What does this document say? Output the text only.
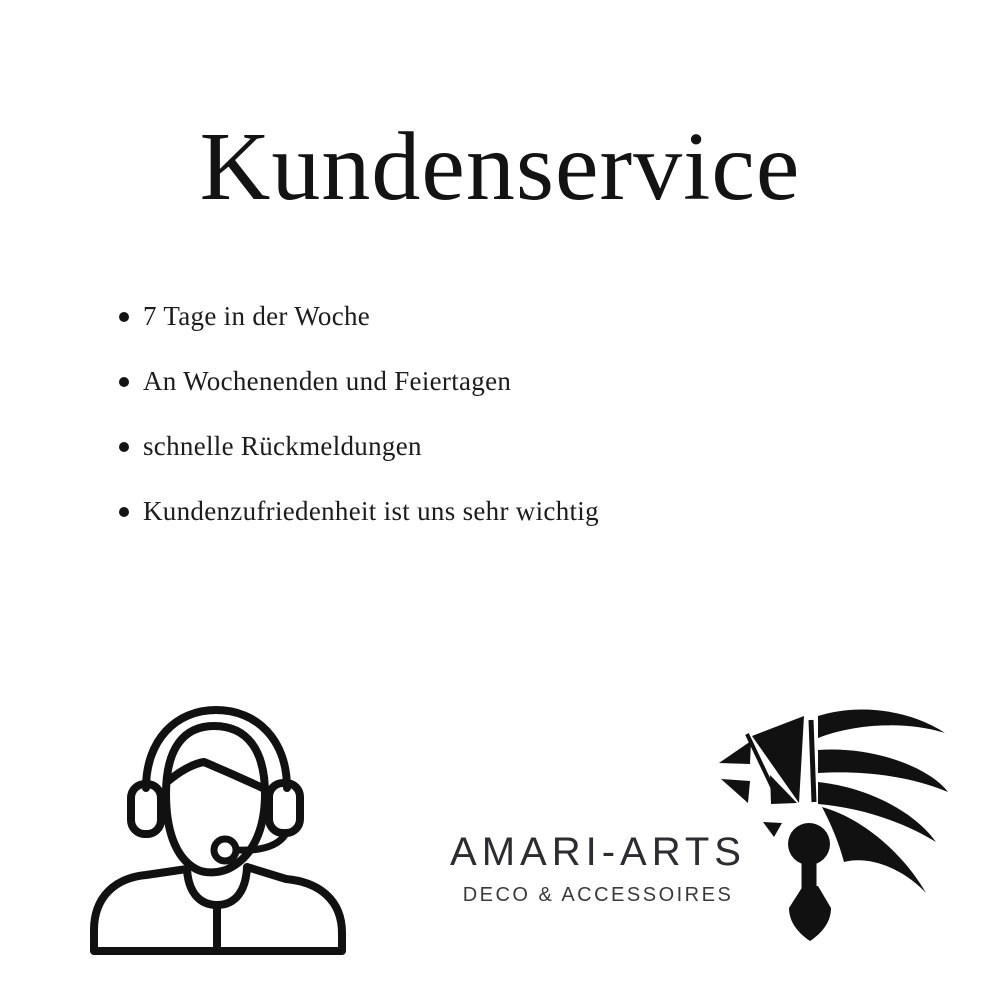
Kundenservice
7 Tage in der Woche
An Wochenenden und Feiertagen
schnelle Rückmeldungen
Kundenzufriedenheit ist uns sehr wichtig
AMARI-ARTS
DECO & ACCESSOIRES
